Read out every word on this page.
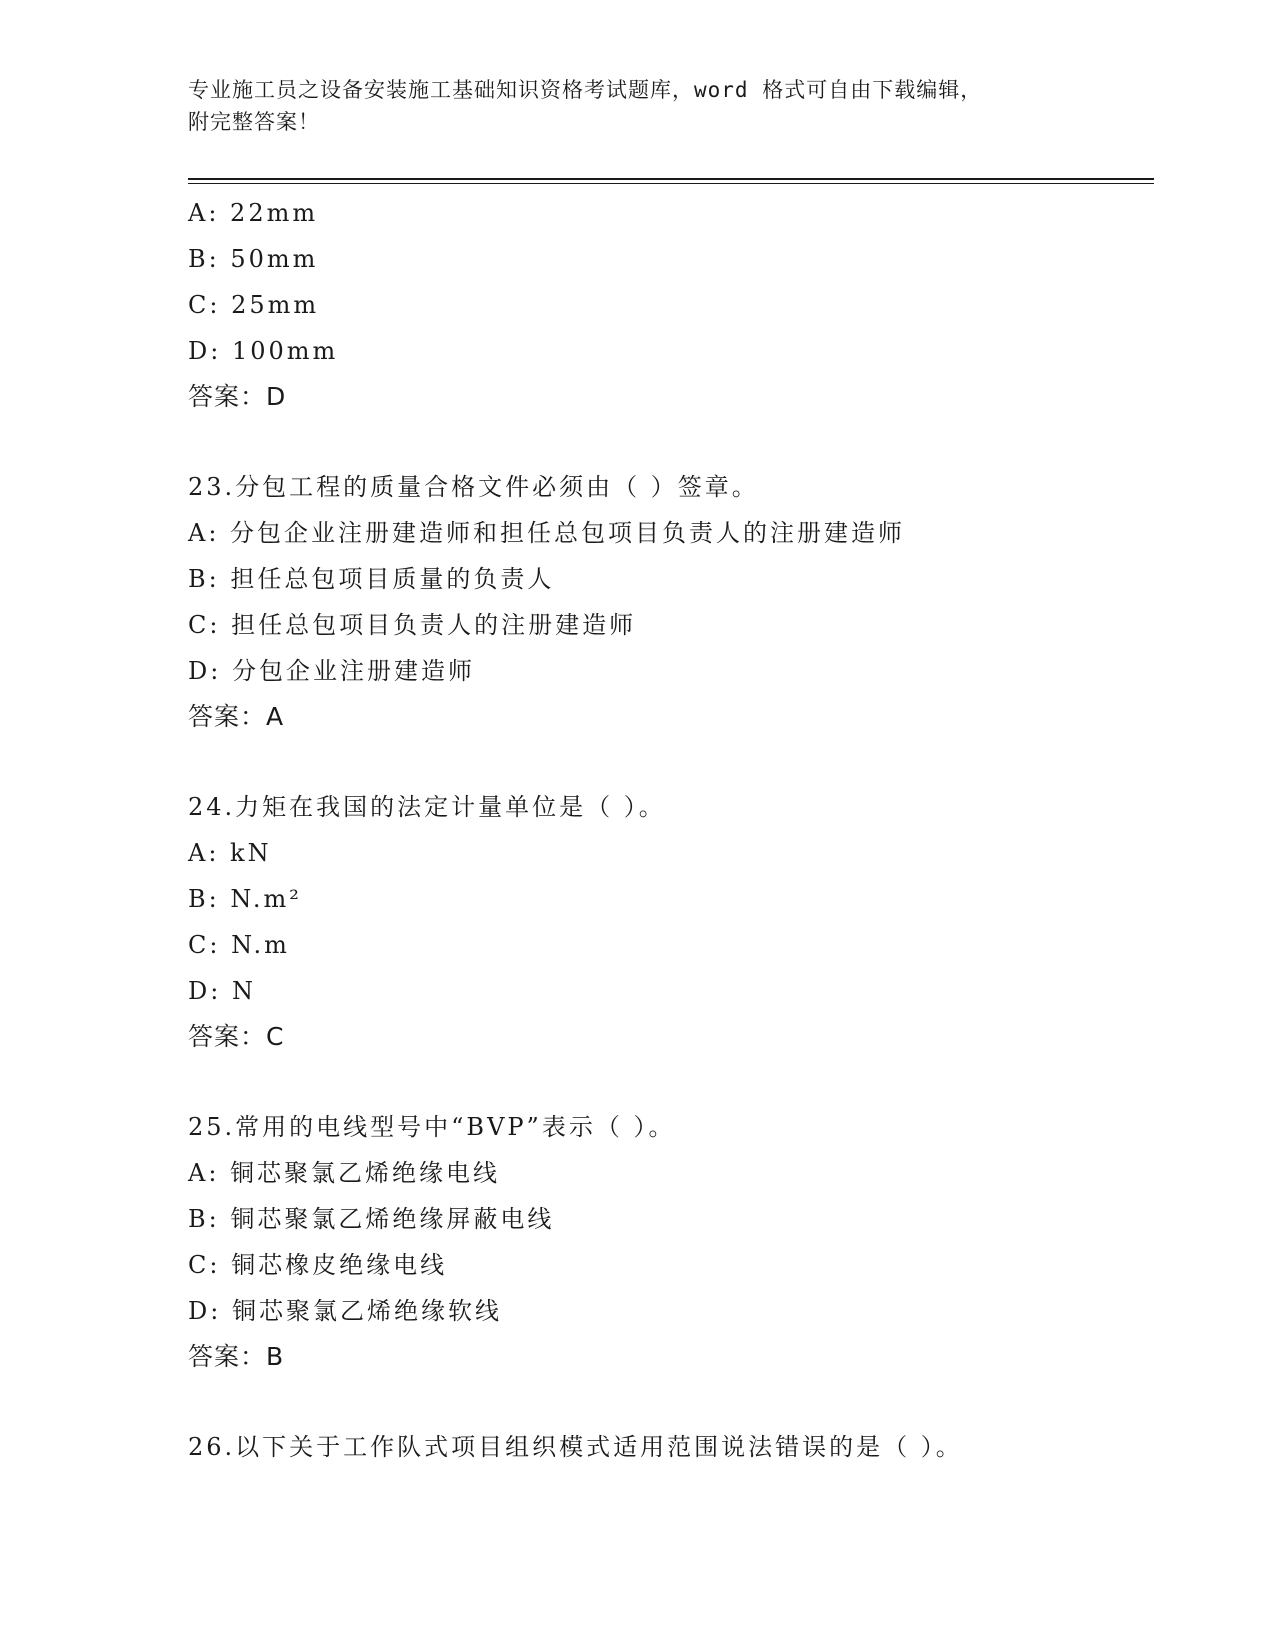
专业施工员之设备安装施工基础知识资格考试题库，word 格式可自由下载编辑，
附完整答案！
A: 22mm
B: 50mm
C: 25mm
D: 100mm
答案：D
23.分包工程的质量合格文件必须由（ ）签章。
A: 分包企业注册建造师和担任总包项目负责人的注册建造师
B: 担任总包项目质量的负责人
C: 担任总包项目负责人的注册建造师
D: 分包企业注册建造师
答案：A
24.力矩在我国的法定计量单位是（ ）。
A: kN
B: N.m²
C: N.m
D: N
答案：C
25.常用的电线型号中“BVP”表示（ ）。
A: 铜芯聚氯乙烯绝缘电线
B: 铜芯聚氯乙烯绝缘屏蔽电线
C: 铜芯橡皮绝缘电线
D: 铜芯聚氯乙烯绝缘软线
答案：B
26.以下关于工作队式项目组织模式适用范围说法错误的是（ ）。
